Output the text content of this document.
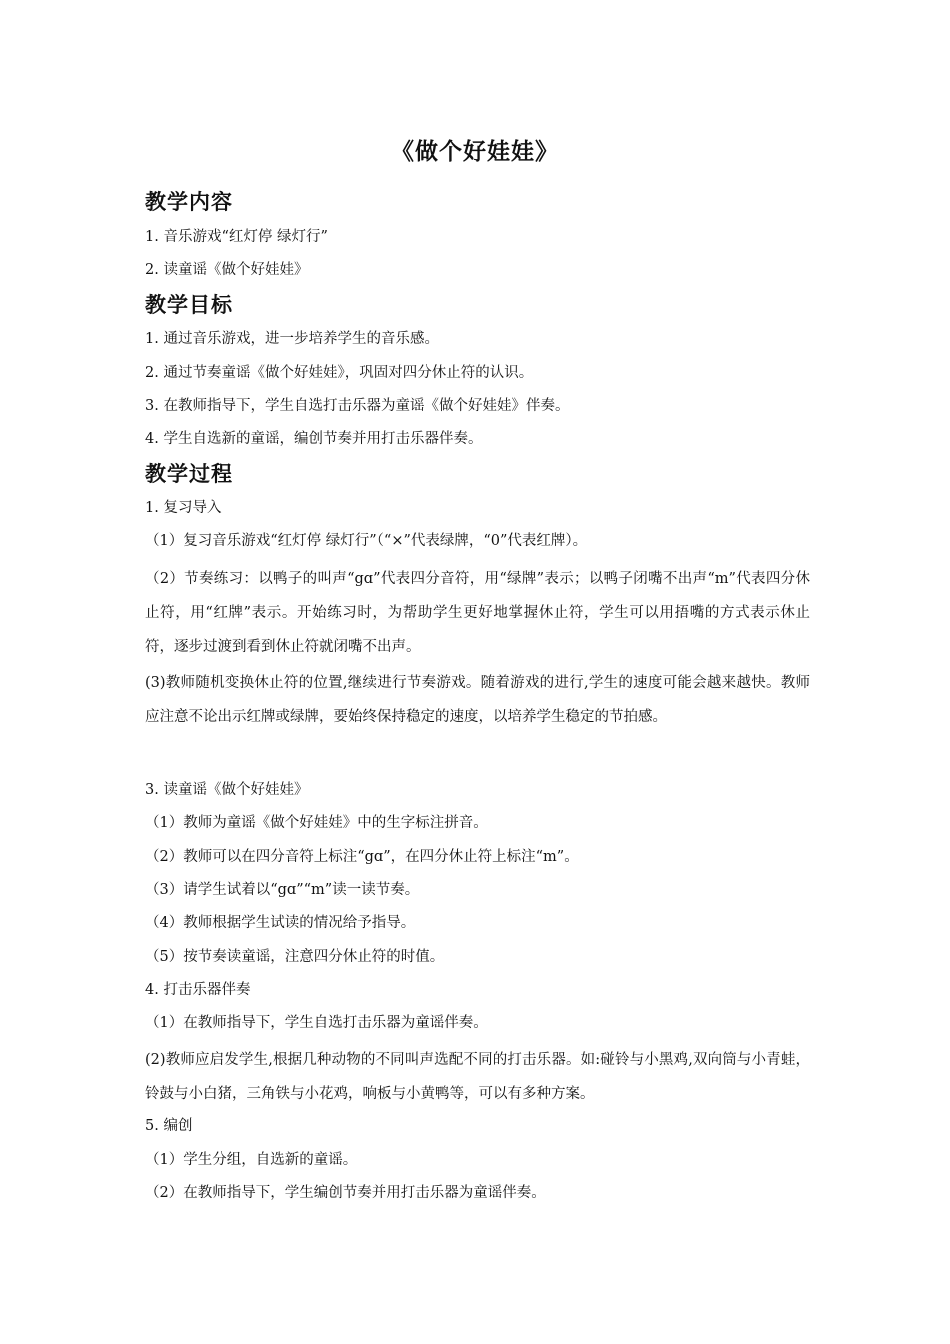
《做个好娃娃》
教学内容
1. 音乐游戏“红灯停 绿灯行”
2. 读童谣《做个好娃娃》
教学目标
1. 通过音乐游戏，进一步培养学生的音乐感。
2. 通过节奏童谣《做个好娃娃》，巩固对四分休止符的认识。
3. 在教师指导下，学生自选打击乐器为童谣《做个好娃娃》伴奏。
4. 学生自选新的童谣，编创节奏并用打击乐器伴奏。
教学过程
1. 复习导入
（1）复习音乐游戏“红灯停 绿灯行”（“×”代表绿牌，“0”代表红牌）。
（2）节奏练习：以鸭子的叫声“gɑ”代表四分音符，用“绿牌”表示；以鸭子闭嘴不出声“m”代表四分休止符，用“红牌”表示。开始练习时，为帮助学生更好地掌握休止符，学生可以用捂嘴的方式表示休止符，逐步过渡到看到休止符就闭嘴不出声。
(3)教师随机变换休止符的位置,继续进行节奏游戏。随着游戏的进行,学生的速度可能会越来越快。教师应注意不论出示红牌或绿牌，要始终保持稳定的速度，以培养学生稳定的节拍感。
3. 读童谣《做个好娃娃》
（1）教师为童谣《做个好娃娃》中的生字标注拼音。
（2）教师可以在四分音符上标注“gɑ”，在四分休止符上标注“m”。
（3）请学生试着以“gɑ”“m”读一读节奏。
（4）教师根据学生试读的情况给予指导。
（5）按节奏读童谣，注意四分休止符的时值。
4. 打击乐器伴奏
（1）在教师指导下，学生自选打击乐器为童谣伴奏。
(2)教师应启发学生,根据几种动物的不同叫声选配不同的打击乐器。如:碰铃与小黑鸡,双向筒与小青蛙，铃鼓与小白猪，三角铁与小花鸡，响板与小黄鸭等，可以有多种方案。
5. 编创
（1）学生分组，自选新的童谣。
（2）在教师指导下，学生编创节奏并用打击乐器为童谣伴奏。
